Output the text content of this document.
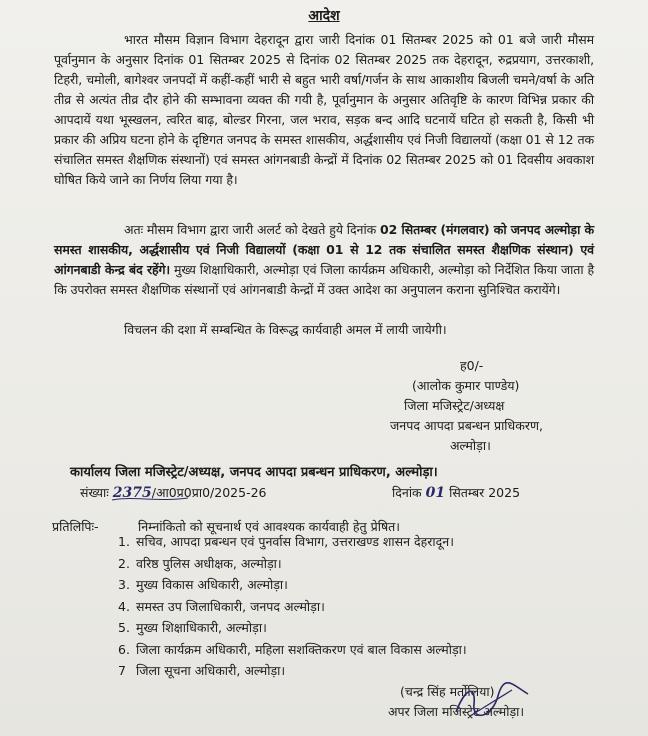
आदेश
भारत मौसम विज्ञान विभाग देहरादून द्वारा जारी दिनांक 01 सितम्बर 2025 को 01 बजे जारी मौसम पूर्वानुमान के अनुसार दिनांक 01 सितम्बर 2025 से दिनांक 02 सितम्बर 2025 तक देहरादून, रुद्रप्रयाग, उत्तरकाशी, टिहरी, चमोली, बागेश्वर जनपदों में कहीं-कहीं भारी से बहुत भारी वर्षा/गर्जन के साथ आकाशीय बिजली चमने/वर्षा के अति तीव्र से अत्यंत तीव्र दौर होने की सम्भावना व्यक्त की गयी है, पूर्वानुमान के अनुसार अतिवृष्टि के कारण विभिन्न प्रकार की आपदायें यथा भूस्खलन, त्वरित बाढ़, बोल्डर गिरना, जल भराव, सड़क बन्द आदि घटनायें घटित हो सकती है, किसी भी प्रकार की अप्रिय घटना होने के दृष्टिगत जनपद के समस्त शासकीय, अर्द्धशासीय एवं निजी विद्यालयों (कक्षा 01 से 12 तक संचालित समस्त शैक्षणिक संस्थानों) एवं समस्त आंगनबाडी केन्द्रों में दिनांक 02 सितम्बर 2025 को 01 दिवसीय अवकाश घोषित किये जाने का निर्णय लिया गया है।
अतः मौसम विभाग द्वारा जारी अलर्ट को देखते हुये दिनांक 02 सितम्बर (मंगलवार) को जनपद अल्मोड़ा के समस्त शासकीय, अर्द्धशासीय एवं निजी विद्यालयों (कक्षा 01 से 12 तक संचालित समस्त शैक्षणिक संस्थान) एवं आंगनबाडी केन्द्र बंद रहेंगे। मुख्य शिक्षाधिकारी, अल्मोड़ा एवं जिला कार्यक्रम अधिकारी, अल्मोड़ा को निर्देशित किया जाता है कि उपरोक्त समस्त शैक्षणिक संस्थानों एवं आंगनबाडी केन्द्रों में उक्त आदेश का अनुपालन कराना सुनिश्चित करायेंगे।
विचलन की दशा में सम्बन्धित के विरूद्ध कार्यवाही अमल में लायी जायेगी।
ह0/-
(आलोक कुमार पाण्डेय)
जिला मजिस्ट्रेट/अध्यक्ष
जनपद आपदा प्रबन्धन प्राधिकरण,
अल्मोड़ा।
कार्यालय जिला मजिस्ट्रेट/अध्यक्ष, जनपद आपदा प्रबन्धन प्राधिकरण, अल्मोड़ा।
संख्याः 2375/आ0प्र0प्रा0/2025-26	दिनांक 01 सितम्बर 2025
प्रतिलिपिः-	निम्नांकितो को सूचनार्थ एवं आवश्यक कार्यवाही हेतु प्रेषित।
1. सचिव, आपदा प्रबन्धन एवं पुनर्वास विभाग, उत्तराखण्ड शासन देहरादून।
2. वरिष्ठ पुलिस अधीक्षक, अल्मोड़ा।
3. मुख्य विकास अधिकारी, अल्मोड़ा।
4. समस्त उप जिलाधिकारी, जनपद अल्मोड़ा।
5. मुख्य शिक्षाधिकारी, अल्मोड़ा।
6. जिला कार्यक्रम अधिकारी, महिला सशक्तिकरण एवं बाल विकास अल्मोड़ा।
7 जिला सूचना अधिकारी, अल्मोड़ा।
(चन्द्र सिंह मर्तोलिया)
अपर जिला मजिस्ट्रेट अल्मोड़ा।
